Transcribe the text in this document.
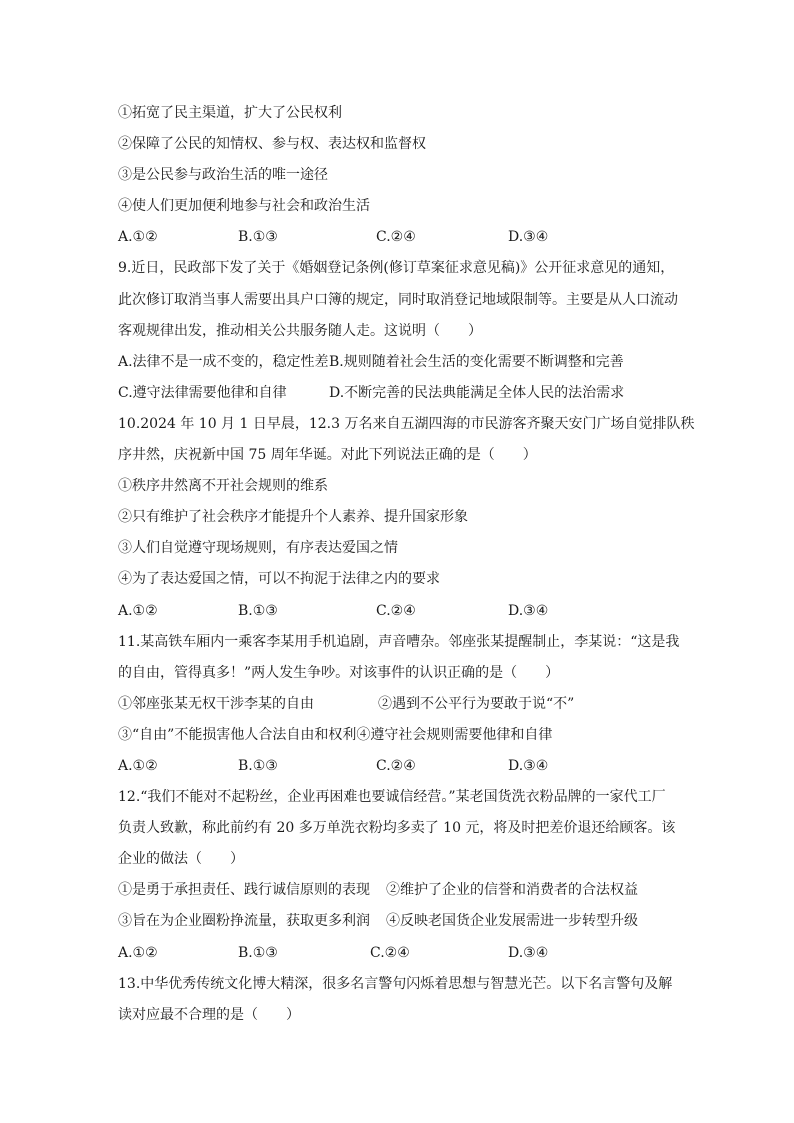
①拓宽了民主渠道，扩大了公民权利
②保障了公民的知情权、参与权、表达权和监督权
③是公民参与政治生活的唯一途径
④使人们更加便利地参与社会和政治生活
A.①②	B.①③	C.②④	D.③④
9.近日，民政部下发了关于《婚姻登记条例(修订草案征求意见稿)》公开征求意见的通知，
此次修订取消当事人需要出具户口簿的规定，同时取消登记地域限制等。主要是从人口流动
客观规律出发，推动相关公共服务随人走。这说明（　　）
A.法律不是一成不变的，稳定性差 B.规则随着社会生活的变化需要不断调整和完善
C.遵守法律需要他律和自律	D.不断完善的民法典能满足全体人民的法治需求
10.2024 年 10 月 1 日早晨，12.3 万名来自五湖四海的市民游客齐聚天安门广场自觉排队秩
序井然，庆祝新中国 75 周年华诞。对此下列说法正确的是（　　）
①秩序井然离不开社会规则的维系
②只有维护了社会秩序才能提升个人素养、提升国家形象
③人们自觉遵守现场规则，有序表达爱国之情
④为了表达爱国之情，可以不拘泥于法律之内的要求
A.①②	B.①③	C.②④	D.③④
11.某高铁车厢内一乘客李某用手机追剧，声音嘈杂。邻座张某提醒制止，李某说：“这是我
的自由，管得真多！”两人发生争吵。对该事件的认识正确的是（　　）
①邻座张某无权干涉李某的自由	②遇到不公平行为要敢于说“不”
③“自由”不能损害他人合法自由和权利④遵守社会规则需要他律和自律
A.①②	B.①③	C.②④	D.③④
12.“我们不能对不起粉丝，企业再困难也要诚信经营。”某老国货洗衣粉品牌的一家代工厂
负责人致歉，称此前约有 20 多万单洗衣粉均多卖了 10 元，将及时把差价退还给顾客。该
企业的做法（　　）
①是勇于承担责任、践行诚信原则的表现 ②维护了企业的信誉和消费者的合法权益
③旨在为企业圈粉挣流量，获取更多利润 ④反映老国货企业发展需进一步转型升级
A.①②	B.①③	C.②④	D.③④
13.中华优秀传统文化博大精深，很多名言警句闪烁着思想与智慧光芒。以下名言警句及解
读对应最不合理的是（　　）
